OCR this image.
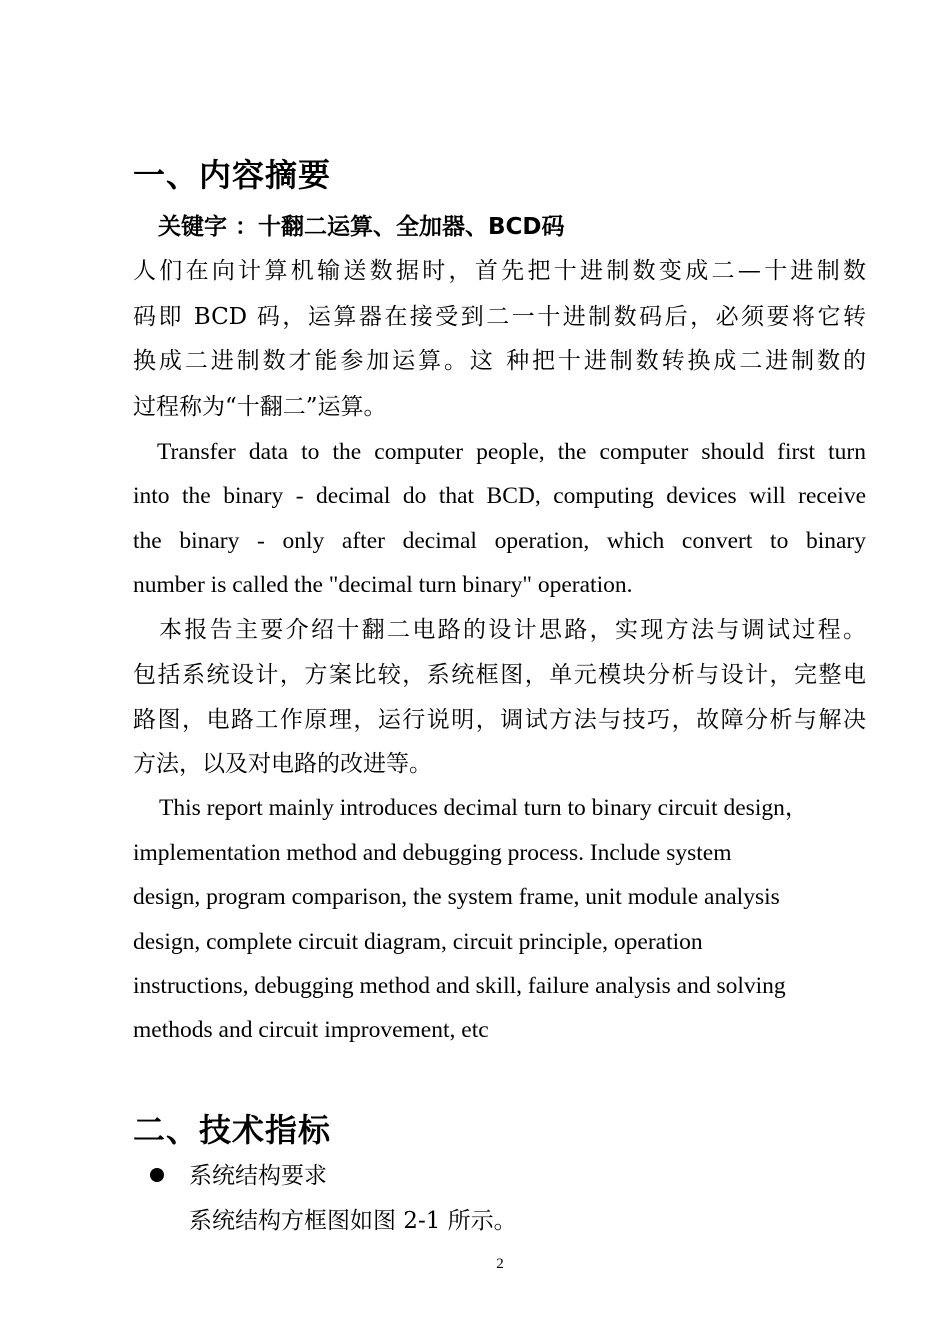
一、内容摘要
关键字 ：十翻二运算、全加器、BCD码
人们在向计算机输送数据时，首先把十进制数变成二—十进制数
码即 BCD 码，运算器在接受到二一十进制数码后，必须要将它转
换成二进制数才能参加运算。这 种把十进制数转换成二进制数的
过程称为“十翻二”运算。
Transfer data to the computer people, the computer should first turn
into the binary - decimal do that BCD, computing devices will receive
the binary - only after decimal operation, which convert to binary
number is called the "decimal turn binary" operation.
本报告主要介绍十翻二电路的设计思路，实现方法与调试过程。
包括系统设计，方案比较，系统框图，单元模块分析与设计，完整电
路图，电路工作原理，运行说明，调试方法与技巧，故障分析与解决
方法，以及对电路的改进等。
This report mainly introduces decimal turn to binary circuit design，
implementation method and debugging process. Include system
design, program comparison, the system frame, unit module analysis
design, complete circuit diagram, circuit principle, operation
instructions, debugging method and skill, failure analysis and solving
methods and circuit improvement, etc
二、技术指标
系统结构要求
系统结构方框图如图 2-1 所示。
2
